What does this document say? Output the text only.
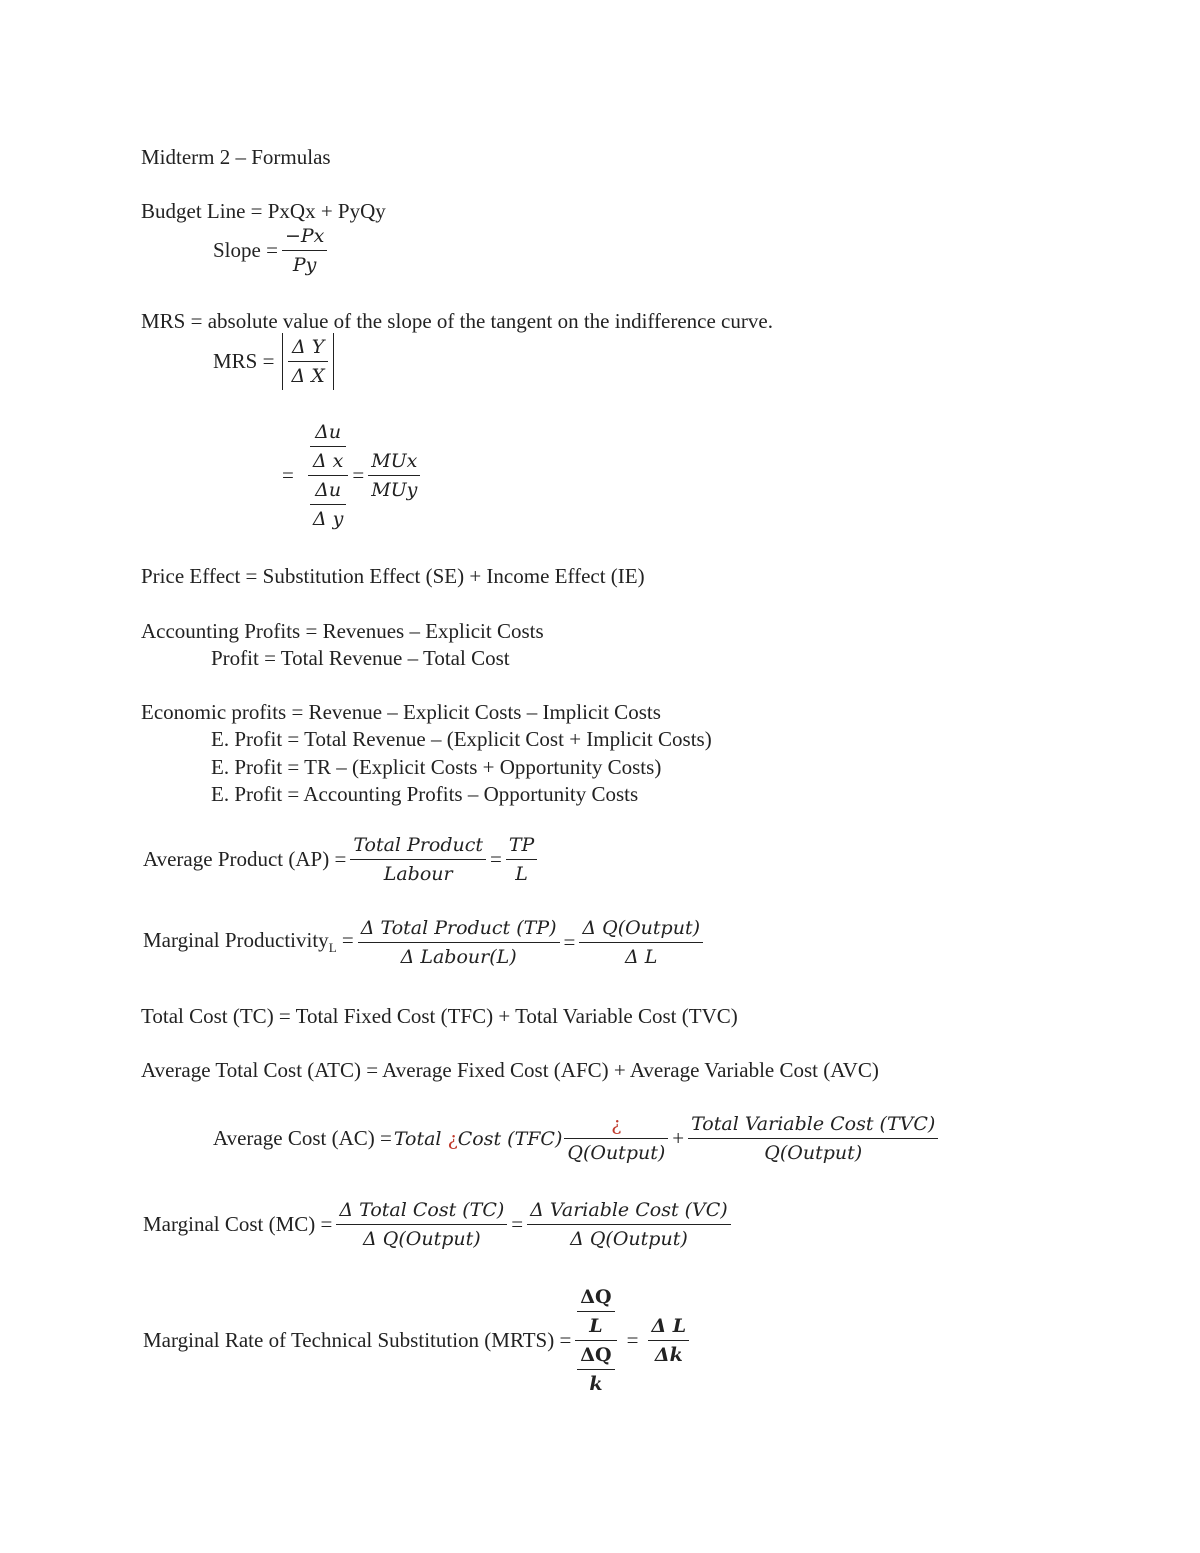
Midterm 2 – Formulas
Budget Line = PxQx + PyQy
Slope = $\frac{-Px}{Py}$
MRS = absolute value of the slope of the tangent on the indifference curve.
MRS = $\frac{\text{Δ Y}}{\text{Δ X}}$
= $\frac{\frac{\Delta u}{\text{Δ x}}}{\frac{\Delta u}{\text{Δ y}}} = \frac{\text{MUx}}{\text{MUy}}$
Price Effect = Substitution Effect (SE) + Income Effect (IE)
Accounting Profits = Revenues – Explicit Costs
Profit = Total Revenue – Total Cost
Economic profits = Revenue – Explicit Costs – Implicit Costs
E. Profit = Total Revenue – (Explicit Cost + Implicit Costs)
E. Profit = TR – (Explicit Costs + Opportunity Costs)
E. Profit = Accounting Profits – Opportunity Costs
Average Product $(AP) = \frac{\text{Total Product}}{\text{Labour}} = \frac{TP}{L}$
Marginal Productivity$_L$ = $\frac{\text{Δ Total Product (TP)}}{\text{Δ Labour(L)}} = \frac{\text{Δ Q(Output)}}{\text{Δ L}}$
Total Cost (TC) = Total Fixed Cost (TFC) + Total Variable Cost (TVC)
Average Total Cost (ATC) = Average Fixed Cost (AFC) + Average Variable Cost (AVC)
Average Cost (AC) = Total ¿Cost $(TFC) \frac{¿}{\text{Q(Output)}} + \frac{\text{Total Variable Cost (TVC)}}{\text{Q(Output)}}$
Marginal Cost $(MC) = \frac{\text{Δ Total Cost (TC)}}{\text{Δ Q(Output)}} = \frac{\text{Δ Variable Cost (VC)}}{\text{Δ Q(Output)}}$
Marginal Rate of Technical Substitution (MRTS) = $\frac{\frac{\Delta Q}{L}}{\frac{\Delta Q}{k}} = \frac{\text{Δ L}}{\Delta k}$
